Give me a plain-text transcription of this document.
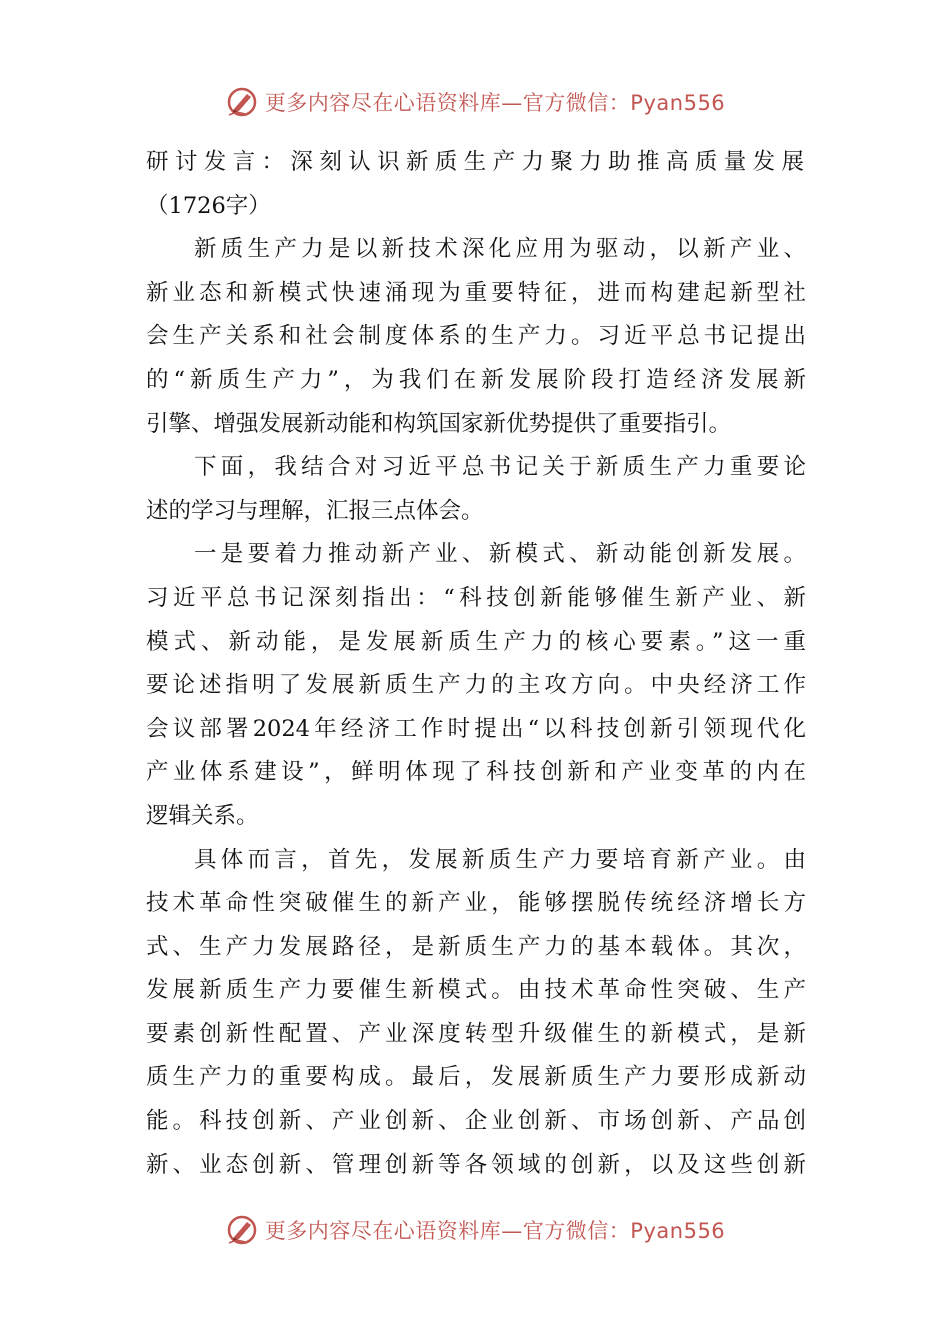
更多内容尽在心语资料库—官方微信：Pyan556
研讨发言：深刻认识新质生产力聚力助推高质量发展
（1726字）
新质生产力是以新技术深化应用为驱动，以新产业、
新业态和新模式快速涌现为重要特征，进而构建起新型社
会生产关系和社会制度体系的生产力。习近平总书记提出
的“新质生产力”，为我们在新发展阶段打造经济发展新
引擎、增强发展新动能和构筑国家新优势提供了重要指引。
下面，我结合对习近平总书记关于新质生产力重要论
述的学习与理解，汇报三点体会。
一是要着力推动新产业、新模式、新动能创新发展。
习近平总书记深刻指出：“科技创新能够催生新产业、新
模式、新动能，是发展新质生产力的核心要素。”这一重
要论述指明了发展新质生产力的主攻方向。中央经济工作
会议部署2024年经济工作时提出“以科技创新引领现代化
产业体系建设”，鲜明体现了科技创新和产业变革的内在
逻辑关系。
具体而言，首先，发展新质生产力要培育新产业。由
技术革命性突破催生的新产业，能够摆脱传统经济增长方
式、生产力发展路径，是新质生产力的基本载体。其次，
发展新质生产力要催生新模式。由技术革命性突破、生产
要素创新性配置、产业深度转型升级催生的新模式，是新
质生产力的重要构成。最后，发展新质生产力要形成新动
能。科技创新、产业创新、企业创新、市场创新、产品创
新、业态创新、管理创新等各领域的创新，以及这些创新
更多内容尽在心语资料库—官方微信：Pyan556
